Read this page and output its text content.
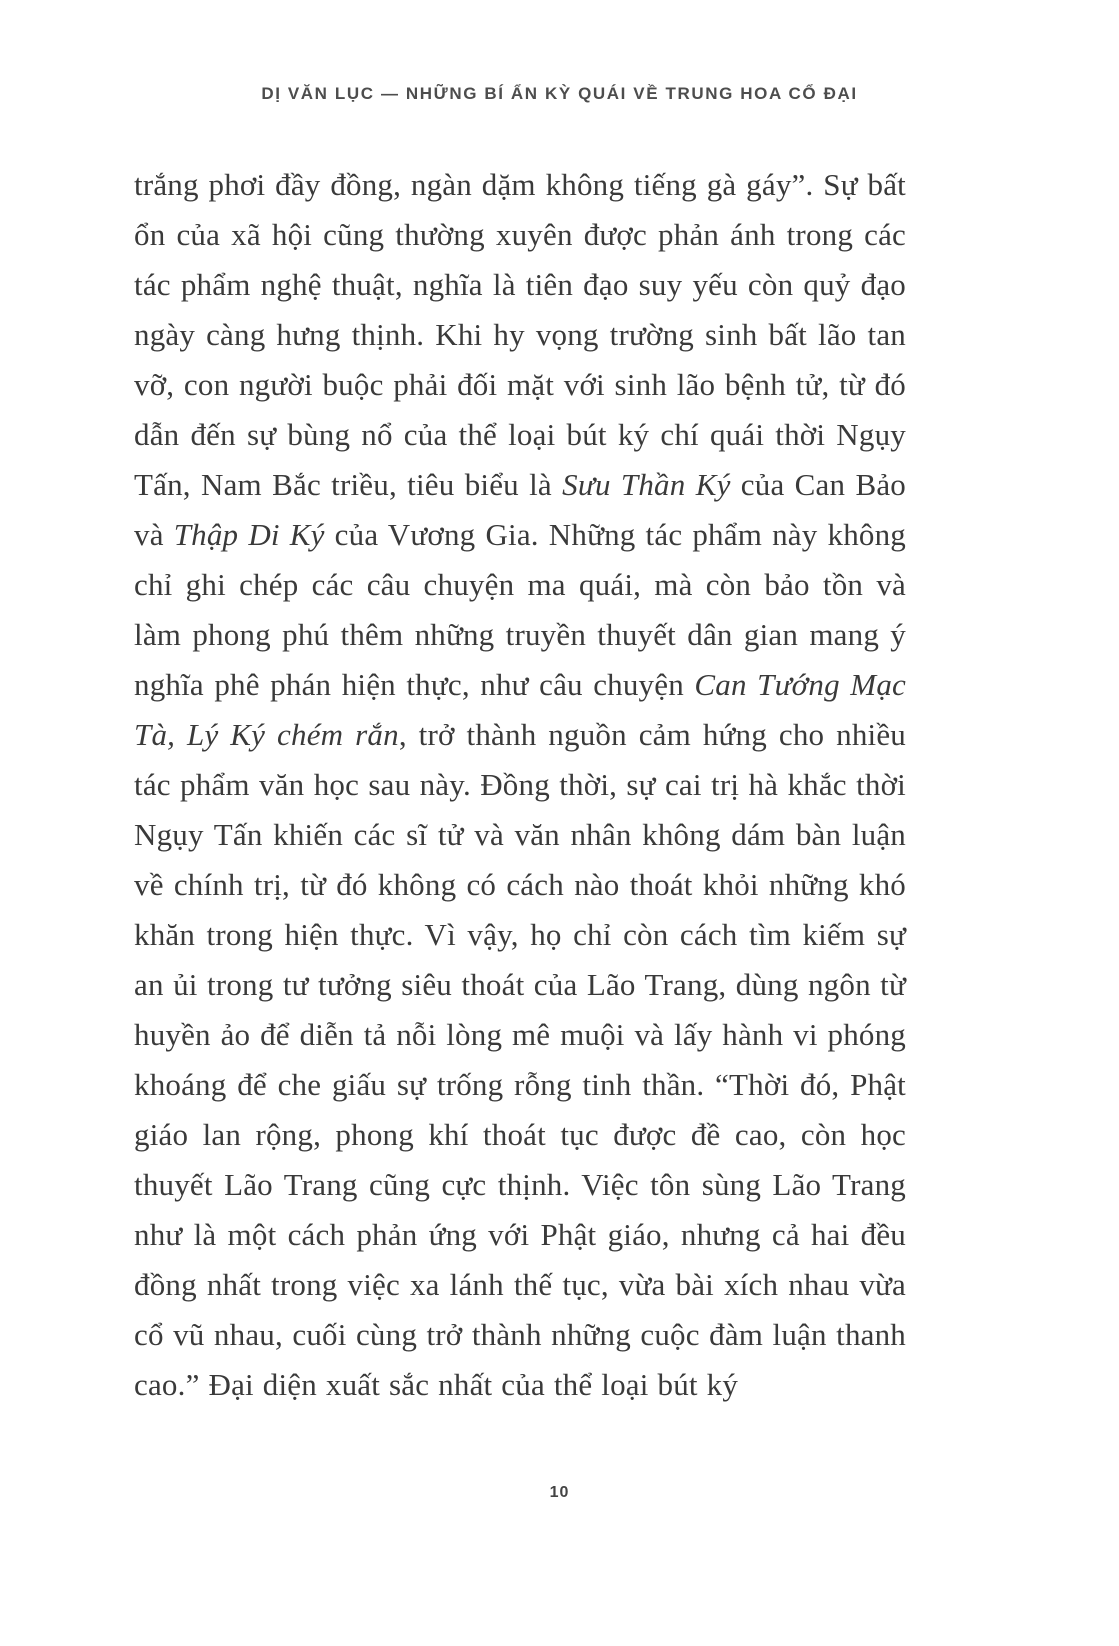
DỊ VĂN LỤC — NHỮNG BÍ ẨN KỲ QUÁI VỀ TRUNG HOA CỔ ĐẠI

trắng phơi đầy đồng, ngàn dặm không tiếng gà gáy”. Sự bất ổn của xã hội cũng thường xuyên được phản ánh trong các tác phẩm nghệ thuật, nghĩa là tiên đạo suy yếu còn quỷ đạo ngày càng hưng thịnh. Khi hy vọng trường sinh bất lão tan vỡ, con người buộc phải đối mặt với sinh lão bệnh tử, từ đó dẫn đến sự bùng nổ của thể loại bút ký chí quái thời Ngụy Tấn, Nam Bắc triều, tiêu biểu là Sưu Thần Ký của Can Bảo và Thập Di Ký của Vương Gia. Những tác phẩm này không chỉ ghi chép các câu chuyện ma quái, mà còn bảo tồn và làm phong phú thêm những truyền thuyết dân gian mang ý nghĩa phê phán hiện thực, như câu chuyện Can Tướng Mạc Tà, Lý Ký chém rắn, trở thành nguồn cảm hứng cho nhiều tác phẩm văn học sau này. Đồng thời, sự cai trị hà khắc thời Ngụy Tấn khiến các sĩ tử và văn nhân không dám bàn luận về chính trị, từ đó không có cách nào thoát khỏi những khó khăn trong hiện thực. Vì vậy, họ chỉ còn cách tìm kiếm sự an ủi trong tư tưởng siêu thoát của Lão Trang, dùng ngôn từ huyền ảo để diễn tả nỗi lòng mê muội và lấy hành vi phóng khoáng để che giấu sự trống rỗng tinh thần. “Thời đó, Phật giáo lan rộng, phong khí thoát tục được đề cao, còn học thuyết Lão Trang cũng cực thịnh. Việc tôn sùng Lão Trang như là một cách phản ứng với Phật giáo, nhưng cả hai đều đồng nhất trong việc xa lánh thế tục, vừa bài xích nhau vừa cổ vũ nhau, cuối cùng trở thành những cuộc đàm luận thanh cao.” Đại diện xuất sắc nhất của thể loại bút ký

10
